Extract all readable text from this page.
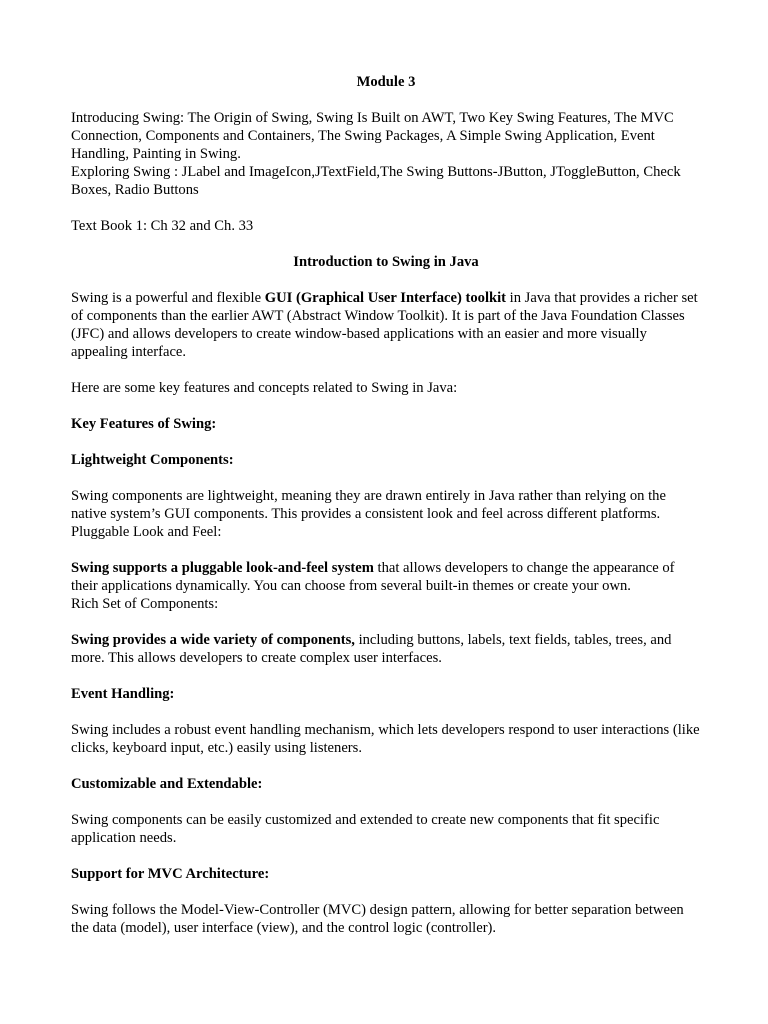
Module 3

Introducing Swing: The Origin of Swing, Swing Is Built on AWT, Two Key Swing Features, The MVC Connection, Components and Containers, The Swing Packages, A Simple Swing Application, Event Handling, Painting in Swing.

Exploring Swing : JLabel and ImageIcon,JTextField,The Swing Buttons-JButton, JToggleButton, Check Boxes, Radio Buttons

Text Book 1: Ch 32 and Ch. 33

Introduction to Swing in Java

Swing is a powerful and flexible GUI (Graphical User Interface) toolkit in Java that provides a richer set of components than the earlier AWT (Abstract Window Toolkit). It is part of the Java Foundation Classes (JFC) and allows developers to create window-based applications with an easier and more visually appealing interface.

Here are some key features and concepts related to Swing in Java:

Key Features of Swing:

Lightweight Components:

Swing components are lightweight, meaning they are drawn entirely in Java rather than relying on the native system’s GUI components. This provides a consistent look and feel across different platforms.

Pluggable Look and Feel:

Swing supports a pluggable look-and-feel system that allows developers to change the appearance of their applications dynamically. You can choose from several built-in themes or create your own.

Rich Set of Components:

Swing provides a wide variety of components, including buttons, labels, text fields, tables, trees, and more. This allows developers to create complex user interfaces.

Event Handling:

Swing includes a robust event handling mechanism, which lets developers respond to user interactions (like clicks, keyboard input, etc.) easily using listeners.

Customizable and Extendable:

Swing components can be easily customized and extended to create new components that fit specific application needs.

Support for MVC Architecture:

Swing follows the Model-View-Controller (MVC) design pattern, allowing for better separation between the data (model), user interface (view), and the control logic (controller).
